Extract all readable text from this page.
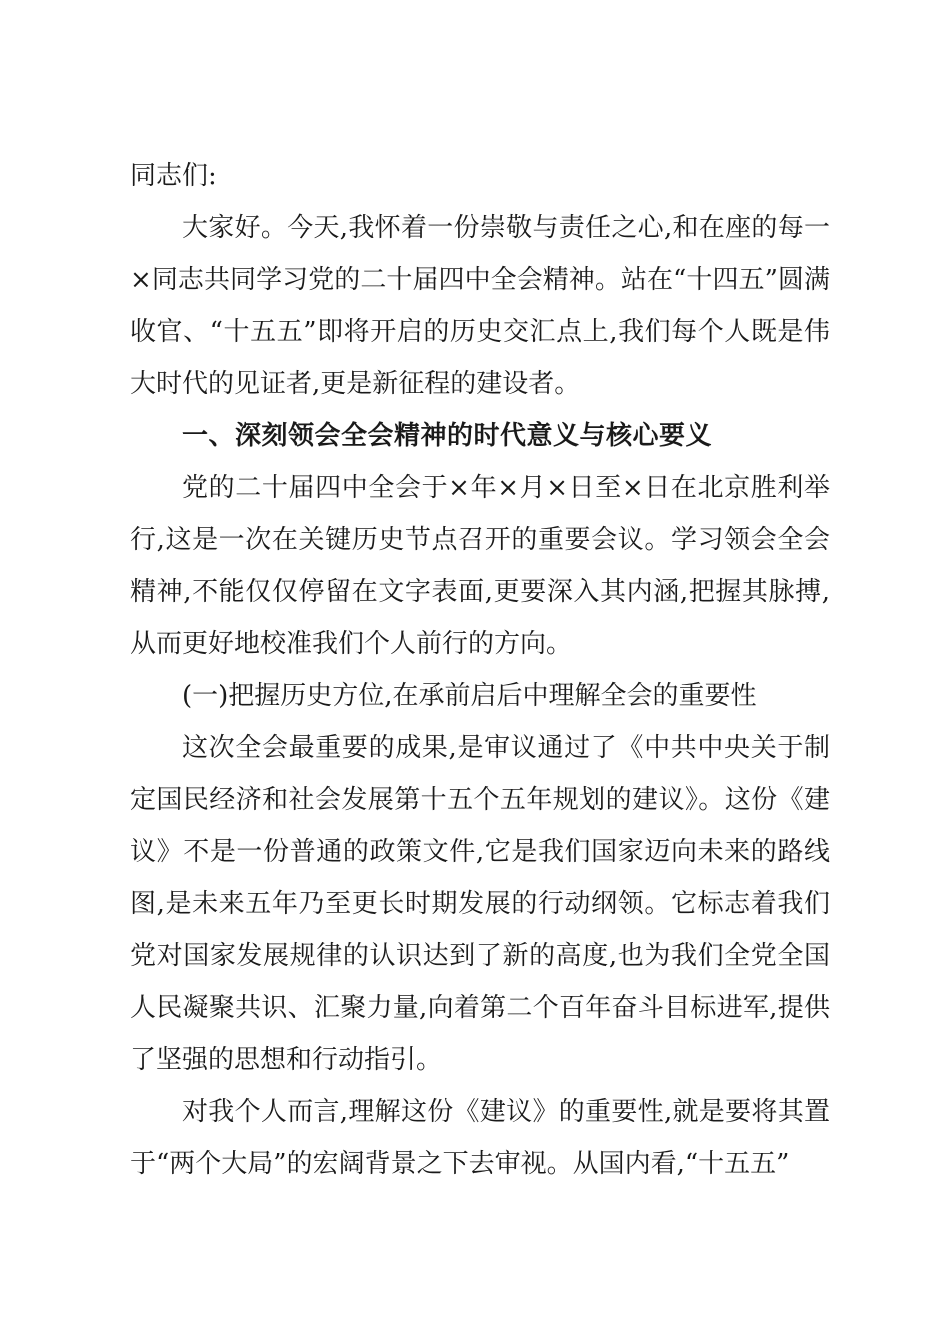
同志们:

大家好。今天,我怀着一份崇敬与责任之心,和在座的每一×同志共同学习党的二十届四中全会精神。站在“十四五”圆满收官、“十五五”即将开启的历史交汇点上,我们每个人既是伟大时代的见证者,更是新征程的建设者。

一、深刻领会全会精神的时代意义与核心要义

党的二十届四中全会于×年×月×日至×日在北京胜利举行,这是一次在关键历史节点召开的重要会议。学习领会全会精神,不能仅仅停留在文字表面,更要深入其内涵,把握其脉搏,从而更好地校准我们个人前行的方向。

(一)把握历史方位,在承前启后中理解全会的重要性

这次全会最重要的成果,是审议通过了《中共中央关于制定国民经济和社会发展第十五个五年规划的建议》。这份《建议》不是一份普通的政策文件,它是我们国家迈向未来的路线图,是未来五年乃至更长时期发展的行动纲领。它标志着我们党对国家发展规律的认识达到了新的高度,也为我们全党全国人民凝聚共识、汇聚力量,向着第二个百年奋斗目标进军,提供了坚强的思想和行动指引。

对我个人而言,理解这份《建议》的重要性,就是要将其置于“两个大局”的宏阔背景之下去审视。从国内看,“十五五”
